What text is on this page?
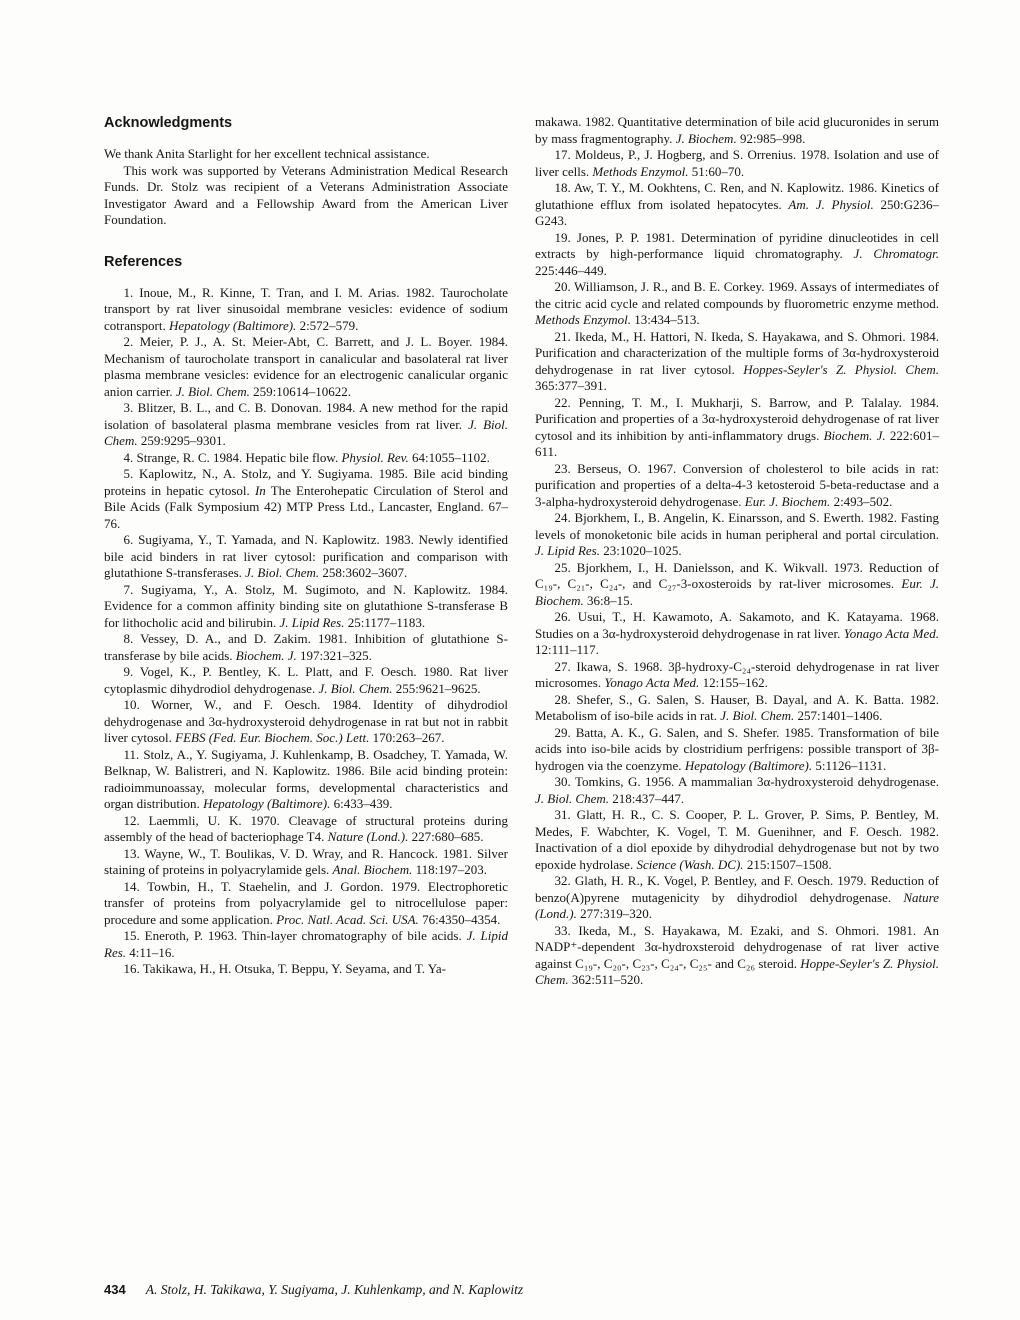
Acknowledgments

We thank Anita Starlight for her excellent technical assistance.

This work was supported by Veterans Administration Medical Research Funds. Dr. Stolz was recipient of a Veterans Administration Associate Investigator Award and a Fellowship Award from the American Liver Foundation.

References

1. Inoue, M., R. Kinne, T. Tran, and I. M. Arias. 1982. Taurocholate transport by rat liver sinusoidal membrane vesicles: evidence of sodium cotransport. Hepatology (Baltimore). 2:572–579.

2. Meier, P. J., A. St. Meier-Abt, C. Barrett, and J. L. Boyer. 1984. Mechanism of taurocholate transport in canalicular and basolateral rat liver plasma membrane vesicles: evidence for an electrogenic canalicular organic anion carrier. J. Biol. Chem. 259:10614–10622.

3. Blitzer, B. L., and C. B. Donovan. 1984. A new method for the rapid isolation of basolateral plasma membrane vesicles from rat liver. J. Biol. Chem. 259:9295–9301.

4. Strange, R. C. 1984. Hepatic bile flow. Physiol. Rev. 64:1055–1102.

5. Kaplowitz, N., A. Stolz, and Y. Sugiyama. 1985. Bile acid binding proteins in hepatic cytosol. In The Enterohepatic Circulation of Sterol and Bile Acids (Falk Symposium 42) MTP Press Ltd., Lancaster, England. 67–76.

6. Sugiyama, Y., T. Yamada, and N. Kaplowitz. 1983. Newly identified bile acid binders in rat liver cytosol: purification and comparison with glutathione S-transferases. J. Biol. Chem. 258:3602–3607.

7. Sugiyama, Y., A. Stolz, M. Sugimoto, and N. Kaplowitz. 1984. Evidence for a common affinity binding site on glutathione S-transferase B for lithocholic acid and bilirubin. J. Lipid Res. 25:1177–1183.

8. Vessey, D. A., and D. Zakim. 1981. Inhibition of glutathione S-transferase by bile acids. Biochem. J. 197:321–325.

9. Vogel, K., P. Bentley, K. L. Platt, and F. Oesch. 1980. Rat liver cytoplasmic dihydrodiol dehydrogenase. J. Biol. Chem. 255:9621–9625.

10. Worner, W., and F. Oesch. 1984. Identity of dihydrodiol dehydrogenase and 3α-hydroxysteroid dehydrogenase in rat but not in rabbit liver cytosol. FEBS (Fed. Eur. Biochem. Soc.) Lett. 170:263–267.

11. Stolz, A., Y. Sugiyama, J. Kuhlenkamp, B. Osadchey, T. Yamada, W. Belknap, W. Balistreri, and N. Kaplowitz. 1986. Bile acid binding protein: radioimmunoassay, molecular forms, developmental characteristics and organ distribution. Hepatology (Baltimore). 6:433–439.

12. Laemmli, U. K. 1970. Cleavage of structural proteins during assembly of the head of bacteriophage T4. Nature (Lond.). 227:680–685.

13. Wayne, W., T. Boulikas, V. D. Wray, and R. Hancock. 1981. Silver staining of proteins in polyacrylamide gels. Anal. Biochem. 118:197–203.

14. Towbin, H., T. Staehelin, and J. Gordon. 1979. Electrophoretic transfer of proteins from polyacrylamide gel to nitrocellulose paper: procedure and some application. Proc. Natl. Acad. Sci. USA. 76:4350–4354.

15. Eneroth, P. 1963. Thin-layer chromatography of bile acids. J. Lipid Res. 4:11–16.

16. Takikawa, H., H. Otsuka, T. Beppu, Y. Seyama, and T. Ya-

makawa. 1982. Quantitative determination of bile acid glucuronides in serum by mass fragmentography. J. Biochem. 92:985–998.

17. Moldeus, P., J. Hogberg, and S. Orrenius. 1978. Isolation and use of liver cells. Methods Enzymol. 51:60–70.

18. Aw, T. Y., M. Ookhtens, C. Ren, and N. Kaplowitz. 1986. Kinetics of glutathione efflux from isolated hepatocytes. Am. J. Physiol. 250:G236–G243.

19. Jones, P. P. 1981. Determination of pyridine dinucleotides in cell extracts by high-performance liquid chromatography. J. Chromatogr. 225:446–449.

20. Williamson, J. R., and B. E. Corkey. 1969. Assays of intermediates of the citric acid cycle and related compounds by fluorometric enzyme method. Methods Enzymol. 13:434–513.

21. Ikeda, M., H. Hattori, N. Ikeda, S. Hayakawa, and S. Ohmori. 1984. Purification and characterization of the multiple forms of 3α-hydroxysteroid dehydrogenase in rat liver cytosol. Hoppes-Seyler's Z. Physiol. Chem. 365:377–391.

22. Penning, T. M., I. Mukharji, S. Barrow, and P. Talalay. 1984. Purification and properties of a 3α-hydroxysteroid dehydrogenase of rat liver cytosol and its inhibition by anti-inflammatory drugs. Biochem. J. 222:601–611.

23. Berseus, O. 1967. Conversion of cholesterol to bile acids in rat: purification and properties of a delta-4-3 ketosteroid 5-beta-reductase and a 3-alpha-hydroxysteroid dehydrogenase. Eur. J. Biochem. 2:493–502.

24. Bjorkhem, I., B. Angelin, K. Einarsson, and S. Ewerth. 1982. Fasting levels of monoketonic bile acids in human peripheral and portal circulation. J. Lipid Res. 23:1020–1025.

25. Bjorkhem, I., H. Danielsson, and K. Wikvall. 1973. Reduction of C₁₉-, C₂₁-, C₂₄-, and C₂₇-3-oxosteroids by rat-liver microsomes. Eur. J. Biochem. 36:8–15.

26. Usui, T., H. Kawamoto, A. Sakamoto, and K. Katayama. 1968. Studies on a 3α-hydroxysteroid dehydrogenase in rat liver. Yonago Acta Med. 12:111–117.

27. Ikawa, S. 1968. 3β-hydroxy-C₂₄-steroid dehydrogenase in rat liver microsomes. Yonago Acta Med. 12:155–162.

28. Shefer, S., G. Salen, S. Hauser, B. Dayal, and A. K. Batta. 1982. Metabolism of iso-bile acids in rat. J. Biol. Chem. 257:1401–1406.

29. Batta, A. K., G. Salen, and S. Shefer. 1985. Transformation of bile acids into iso-bile acids by clostridium perfrigens: possible transport of 3β-hydrogen via the coenzyme. Hepatology (Baltimore). 5:1126–1131.

30. Tomkins, G. 1956. A mammalian 3α-hydroxysteroid dehydrogenase. J. Biol. Chem. 218:437–447.

31. Glatt, H. R., C. S. Cooper, P. L. Grover, P. Sims, P. Bentley, M. Medes, F. Wabchter, K. Vogel, T. M. Guenihner, and F. Oesch. 1982. Inactivation of a diol epoxide by dihydrodial dehydrogenase but not by two epoxide hydrolase. Science (Wash. DC). 215:1507–1508.

32. Glath, H. R., K. Vogel, P. Bentley, and F. Oesch. 1979. Reduction of benzo(A)pyrene mutagenicity by dihydrodiol dehydrogenase. Nature (Lond.). 277:319–320.

33. Ikeda, M., S. Hayakawa, M. Ezaki, and S. Ohmori. 1981. An NADP⁺-dependent 3α-hydroxsteroid dehydrogenase of rat liver active against C₁₉-, C₂₀-, C₂₃-, C₂₄-, C₂₅- and C₂₆ steroid. Hoppe-Seyler's Z. Physiol. Chem. 362:511–520.

434 A. Stolz, H. Takikawa, Y. Sugiyama, J. Kuhlenkamp, and N. Kaplowitz
